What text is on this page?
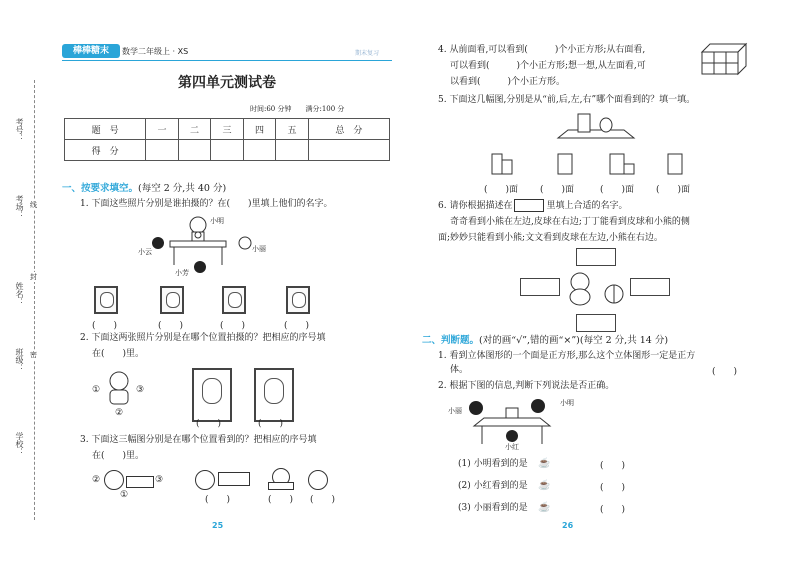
考号：
考场：
姓名：
班级：
学校：
线
封
密
棒棒糖末	数学二年级上 · XS	期末复习
第四单元测试卷
时间:60 分钟　　满分:100 分
题　号	一	二	三	四	五	总　分
得　分						
一、按要求填空。(每空 2 分,共 40 分)
1. 下面这些照片分别是谁拍摄的？在(　　)里填上他们的名字。
小明
小云	小丽
小芳
(　　)	(　　)	(　　)	(　　)
2. 下面这两张照片分别是在哪个位置拍摄的？把相应的序号填
在(　　)里。
①
②
③
(　　)	(　　)
3. 下面这三幅图分别是在哪个位置看到的？把相应的序号填
在(　　)里。
②	③
①	(　　)	(　　) (　　)
25
4. 从前面看,可以看到(　　　)个小正方形;从右面看,
可以看到(　　　)个小正方形;想一想,从左面看,可
以看到(　　　)个小正方形。
5. 下面这几幅图,分别是从“前,后,左,右”哪个面看到的？填一填。
(　　)面 (　　)面	(　　)面 (　　)面
6. 请你根据描述在	里填上合适的名字。
奇奇看到小熊在左边,皮球在右边;丁丁能看到皮球和小熊的侧
面;妙妙只能看到小熊;文文看到皮球在左边,小熊在右边。
二、判断题。(对的画“√”,错的画“×”)(每空 2 分,共 14 分)
1. 看到立体图形的一个面是正方形,那么这个立体图形一定是正方
体。	(　　)
2. 根据下图的信息,判断下列说法是否正确。
小明
小丽
小红
(1) 小明看到的是 ☕	(　　)
(2) 小红看到的是 ☕	(　　)
(3) 小丽看到的是 ☕	(　　)
26
